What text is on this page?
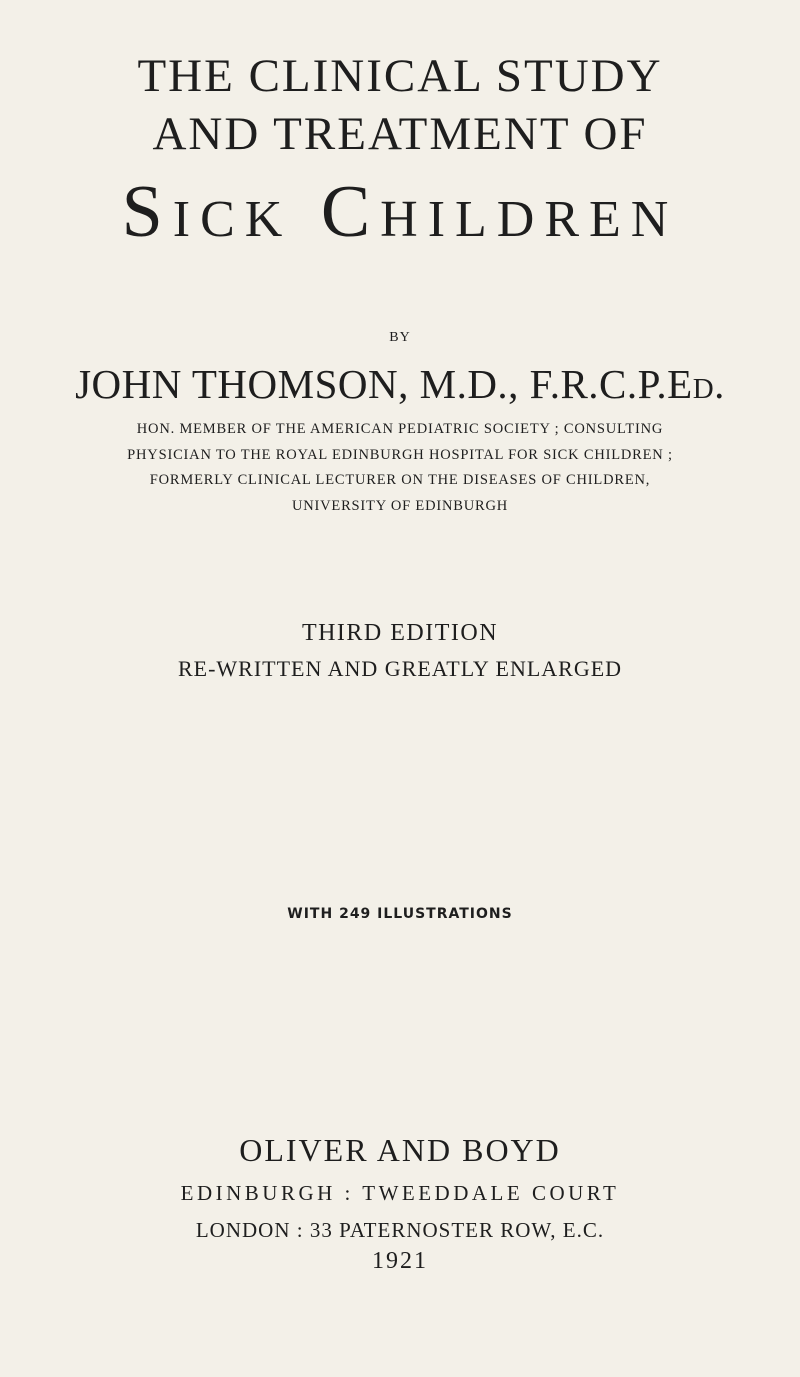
THE CLINICAL STUDY

AND TREATMENT OF

Sick Children

BY

JOHN THOMSON, M.D., F.R.C.P.Ed.

HON. MEMBER OF THE AMERICAN PEDIATRIC SOCIETY ; CONSULTING

PHYSICIAN TO THE ROYAL EDINBURGH HOSPITAL FOR SICK CHILDREN ;

FORMERLY CLINICAL LECTURER ON THE DISEASES OF CHILDREN,

UNIVERSITY OF EDINBURGH

THIRD EDITION

RE-WRITTEN AND GREATLY ENLARGED

WITH 249 ILLUSTRATIONS

OLIVER AND BOYD

EDINBURGH : TWEEDDALE COURT

LONDON : 33 PATERNOSTER ROW, E.C.

1921
